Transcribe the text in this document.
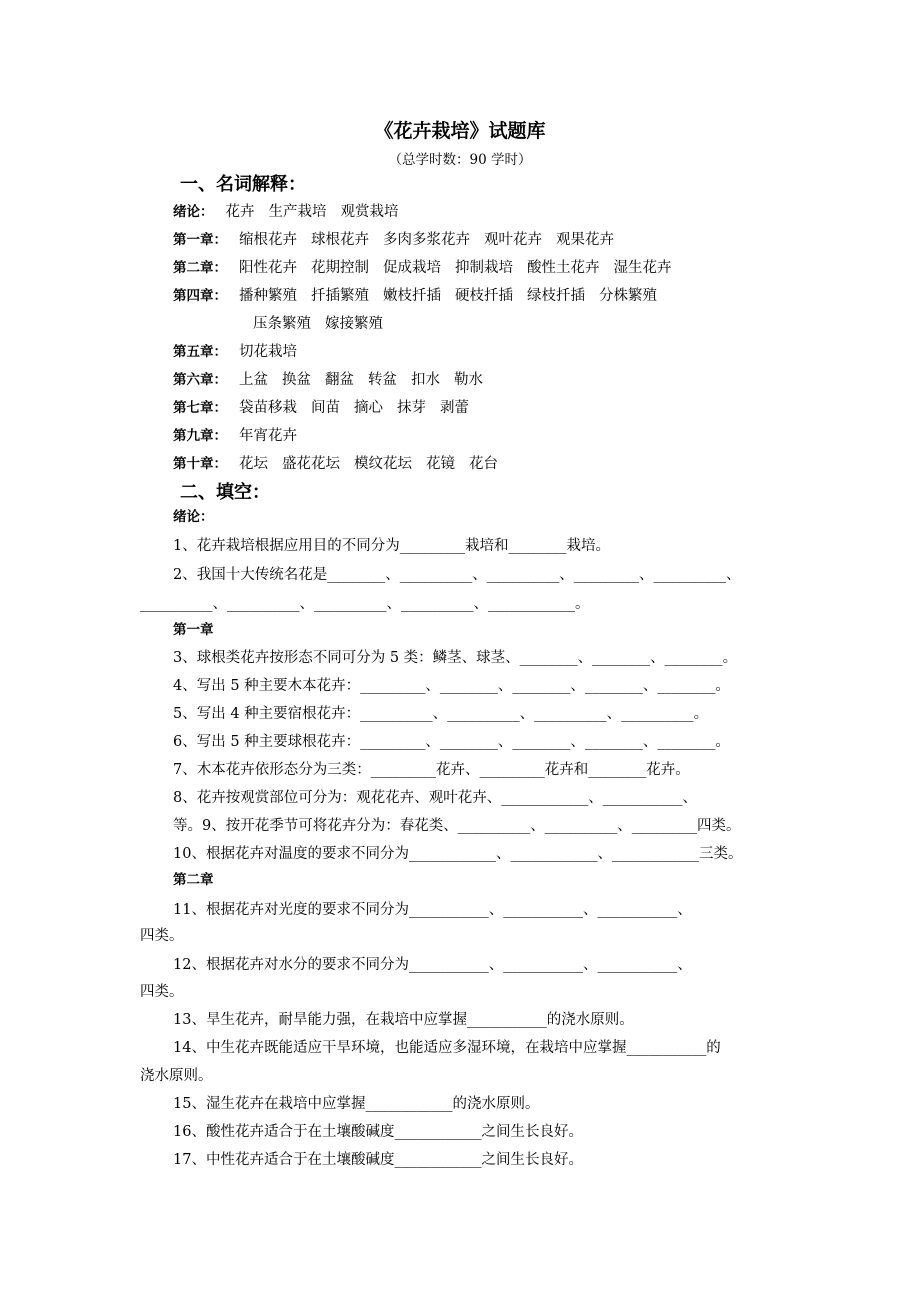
《花卉栽培》试题库
（总学时数：90 学时）
一、名词解释：
绪论： 花卉 生产栽培 观赏栽培
第一章： 缩根花卉 球根花卉 多肉多浆花卉 观叶花卉 观果花卉
第二章： 阳性花卉 花期控制 促成栽培 抑制栽培 酸性土花卉 湿生花卉
第四章： 播种繁殖 扦插繁殖 嫩枝扦插 硬枝扦插 绿枝扦插 分株繁殖
压条繁殖 嫁接繁殖
第五章： 切花栽培
第六章： 上盆 换盆 翻盆 转盆 扣水 勒水
第七章： 袋苗移栽 间苗 摘心 抹芽 剥蕾
第九章： 年宵花卉
第十章： 花坛 盛花花坛 模纹花坛 花镜 花台
二、填空：
绪论：
1、花卉栽培根据应用目的不同分为_________栽培和________栽培。
2、我国十大传统名花是________、__________、__________、_________、__________、
__________、__________、__________、__________、____________。
第一章
3、球根类花卉按形态不同可分为 5 类：鳞茎、球茎、________、________、________。
4、写出 5 种主要木本花卉：_________、________、________、________、________。
5、写出 4 种主要宿根花卉：__________、__________、__________、__________。
6、写出 5 种主要球根花卉：_________、________、________、________、________。
7、木本花卉依形态分为三类：_________花卉、_________花卉和________花卉。
8、花卉按观赏部位可分为：观花花卉、观叶花卉、____________、___________、
等。9、按开花季节可将花卉分为：春花类、__________、__________、_________四类。
10、根据花卉对温度的要求不同分为____________、____________、____________三类。
第二章
11、根据花卉对光度的要求不同分为___________、___________、___________、
四类。
12、根据花卉对水分的要求不同分为___________、___________、___________、
四类。
13、旱生花卉，耐旱能力强，在栽培中应掌握___________的浇水原则。
14、中生花卉既能适应干旱环境，也能适应多湿环境，在栽培中应掌握___________的
浇水原则。
15、湿生花卉在栽培中应掌握____________的浇水原则。
16、酸性花卉适合于在土壤酸碱度____________之间生长良好。
17、中性花卉适合于在土壤酸碱度____________之间生长良好。
